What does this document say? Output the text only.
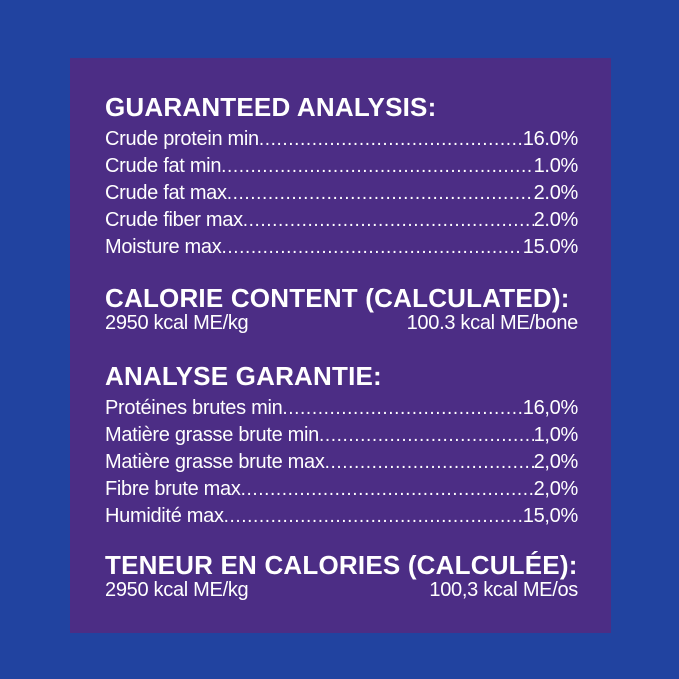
GUARANTEED ANALYSIS:
Crude protein min .....	16.0%
Crude fat min .....	1.0%
Crude fat max .....	2.0%
Crude fiber max .....	2.0%
Moisture max .....	15.0%
CALORIE CONTENT (CALCULATED):
2950 kcal ME/kg	100.3 kcal ME/bone
ANALYSE GARANTIE:
Protéines brutes min .....	16,0%
Matière grasse brute min .....	1,0%
Matière grasse brute max .....	2,0%
Fibre brute max .....	2,0%
Humidité max .....	15,0%
TENEUR EN CALORIES (CALCULÉE):
2950 kcal ME/kg	100,3 kcal ME/os
